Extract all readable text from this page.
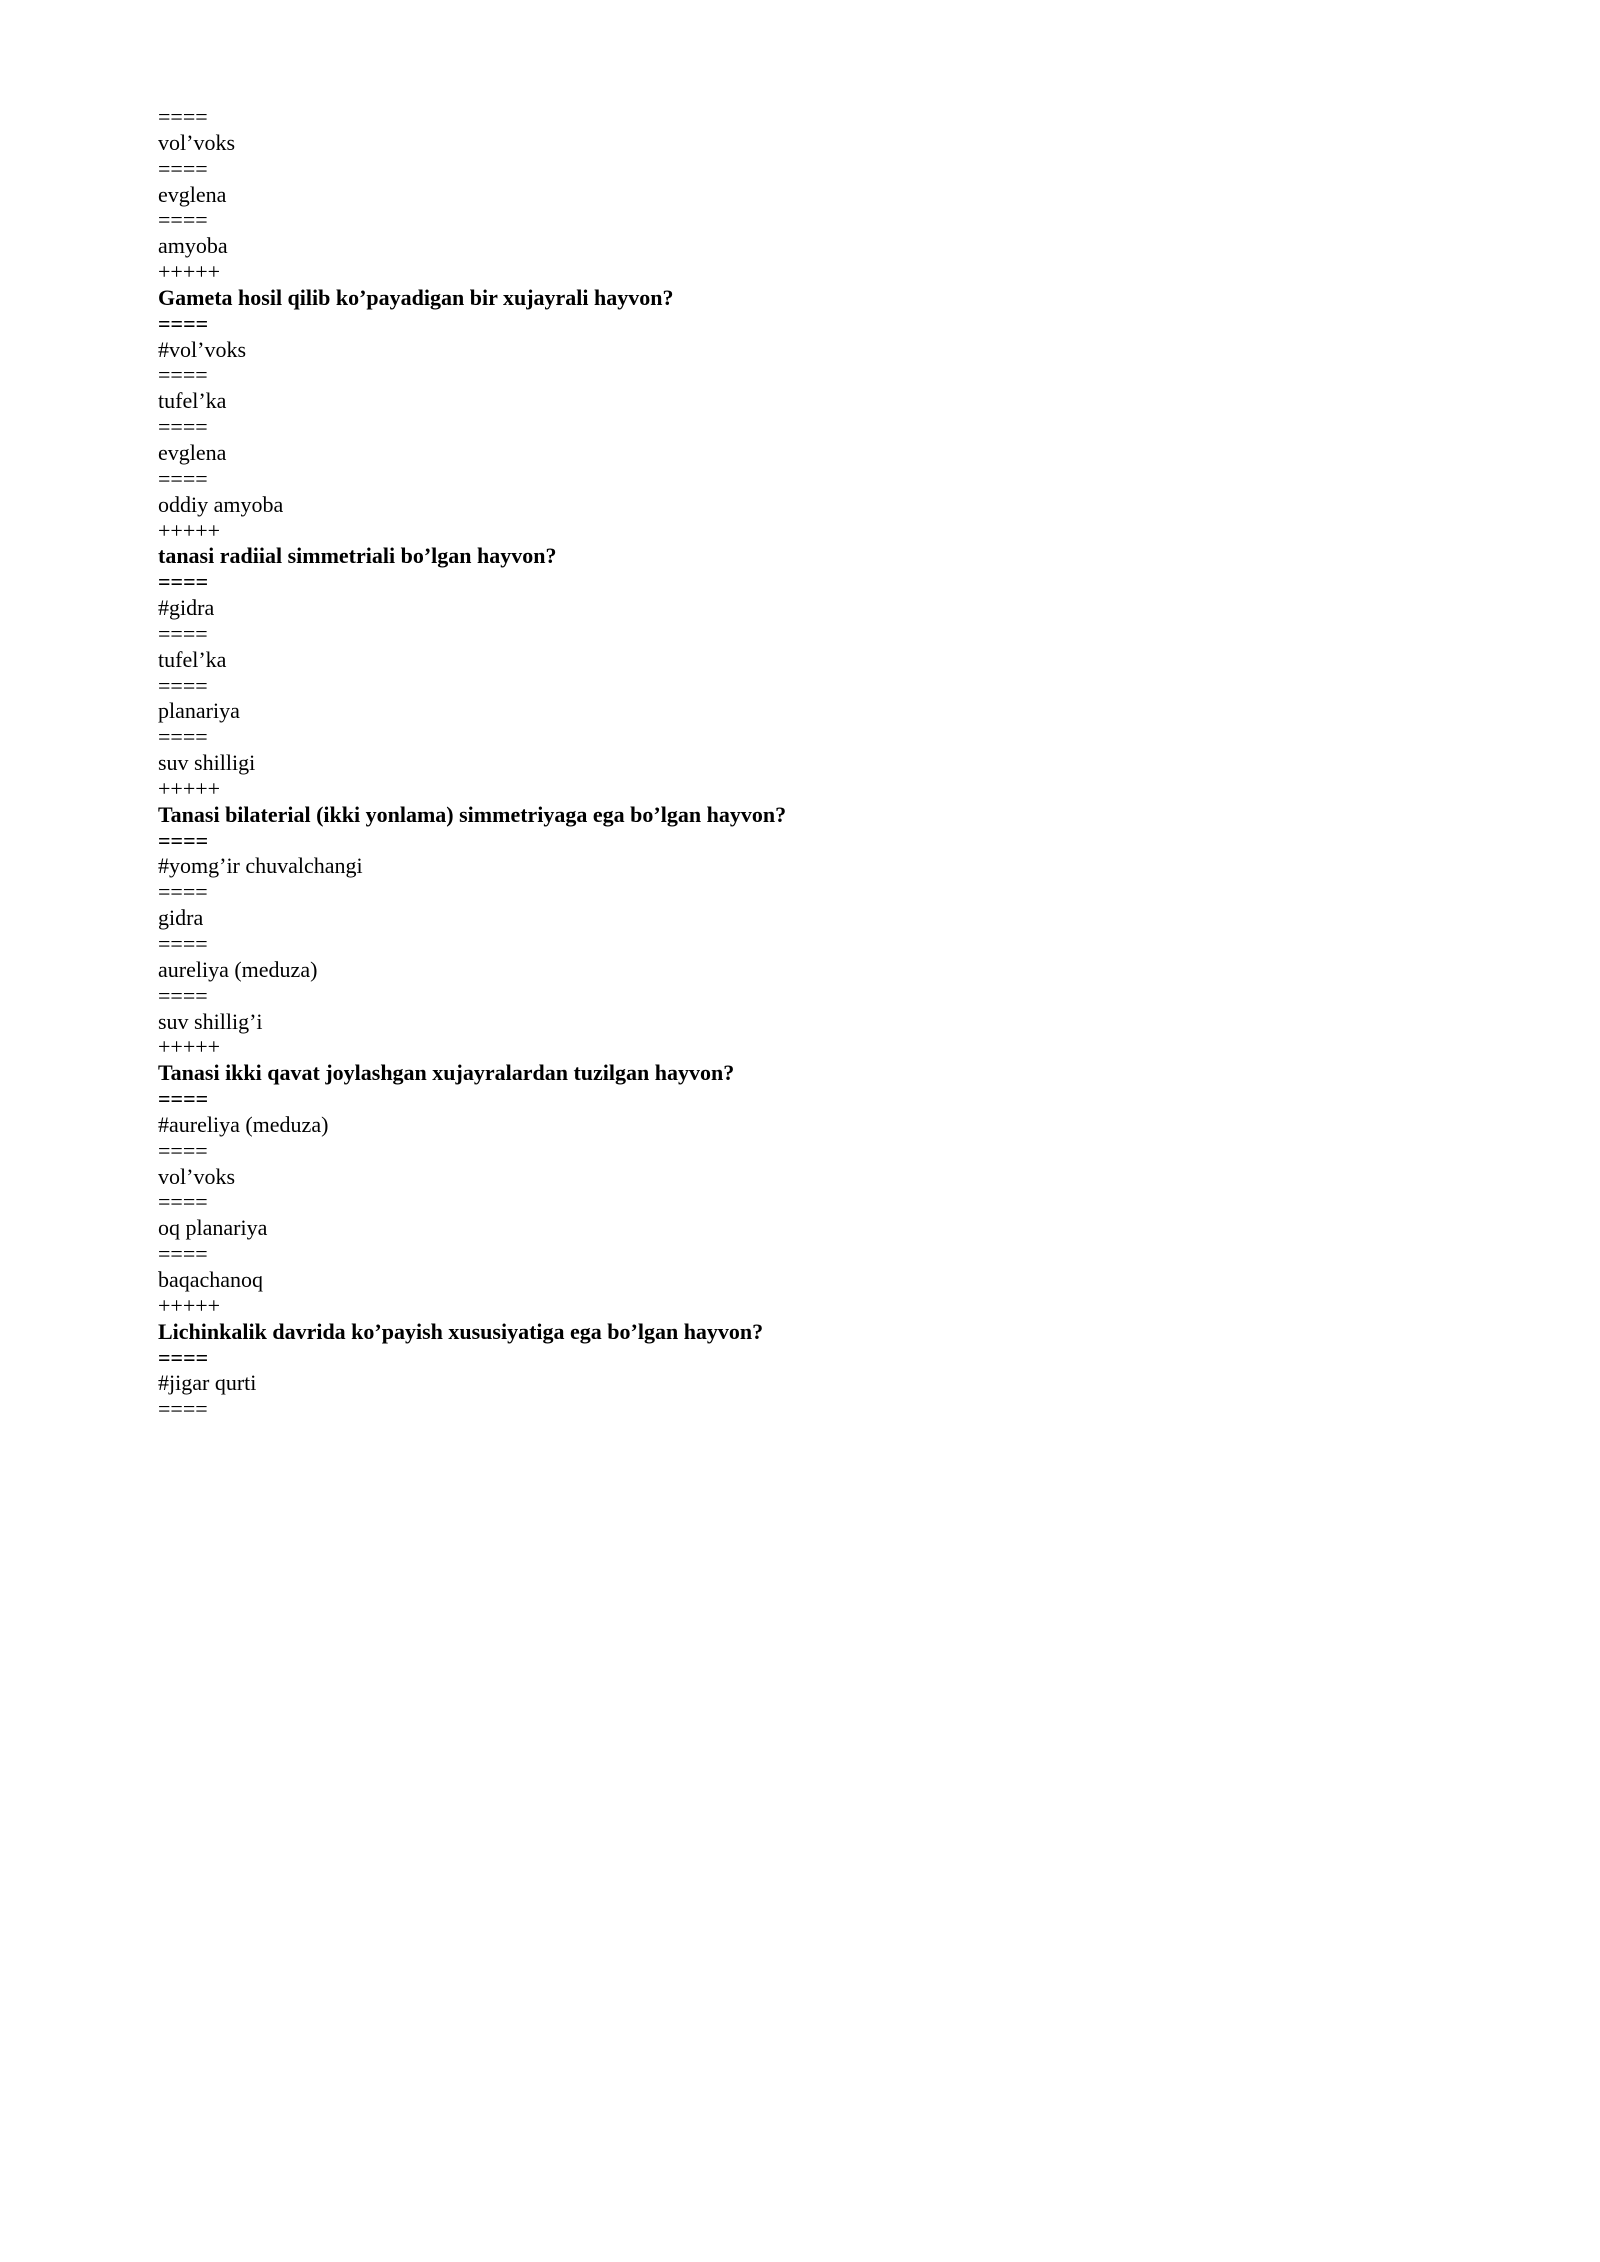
====
vol’voks
====
evglena
====
amyoba
+++++
Gameta hosil qilib ko’payadigan bir xujayrali hayvon?
====
#vol’voks
====
tufel’ka
====
evglena
====
oddiy amyoba
+++++
tanasi radiial simmetriali bo’lgan hayvon?
====
#gidra
====
tufel’ka
====
planariya
====
suv shilligi
+++++
Tanasi bilaterial (ikki yonlama) simmetriyaga ega bo’lgan hayvon?
====
#yomg’ir chuvalchangi
====
gidra
====
aureliya (meduza)
====
suv shillig’i
+++++
Tanasi ikki qavat joylashgan xujayralardan tuzilgan hayvon?
====
#aureliya (meduza)
====
vol’voks
====
oq planariya
====
baqachanoq
+++++
Lichinkalik davrida ko’payish xususiyatiga ega bo’lgan hayvon?
====
#jigar qurti
====
